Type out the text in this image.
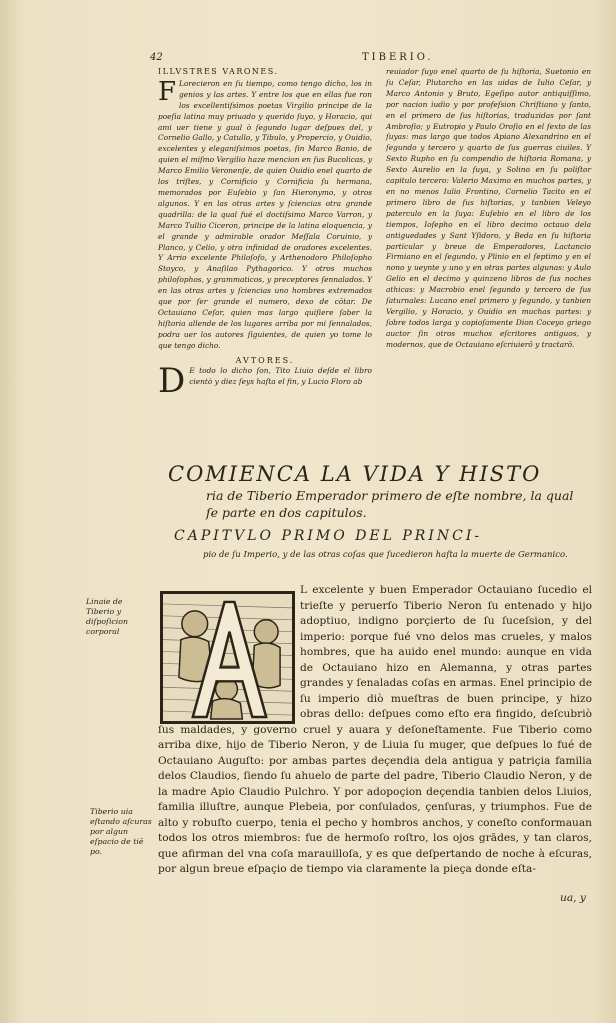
42	TIBERIO.
ILLVSTRES VARONES.

F Lorecieron en ſu tiempo, como tengo dicho, los in genios y las artes. Y entre los que en ellas fue ron los excellentiſsimos poetas Virgilio principe de la poeſia latina muy priuado y querido ſuyo, y Horacio, qui ami uer tiene y gual ò ſegundo lugar deſpues del, y Cornelio Gallo, y Catullo, y Tibulo, y Propercio, y Ouidio, excelentes y eleganiſsimos poetas, ſin Marco Banio, de quien el miſmo Vergilio haze mencion en ſus Bucolicas, y Marco Emilio Veronenſe, de quien Ouidio enel quarto de los triſtes, y Cornificio y Cornificia ſu hermana, memorados por Euſebio y ſan Hieronymo, y otros algunos. Y en las otras artes y ſciencias otra grande quadrilla: de la qual fué el doctiſsimo Marco Varron, y Marco Tullio Ciceron, principe de la latina eloquencia, y el grande y admirable orador Meſſala Coruinio, y Planco, y Celio, y otra infinidad de oradores excelentes. Y Arrio excelente Philoſofo, y Arthenodoro Philoſopho Stoyco, y Anaſilao Pythagorico. Y otros muchos philoſophos, y grammaticos, y preceptores ſennalados. Y en las otras artes y ſciencias uno hombres extremados que por ſer grande el numero, dexo de cōtar. De Octauiano Ceſar, quien mas largo quiſiere ſaber la hiſtoria allende de los lugares arriba por mi ſennalados, podra uer los autores ſiguientes, de quien yo tome lo que tengo dicho.

AVTORES.

D E todo lo dicho ſon, Tito Liuio deſde el libro cientò y diez ſeys haſta el fin, y Lucio Floro ab

reuiador ſuyo enel quarto de ſu hiſtoria, Suetonio en ſu Ceſar, Plutarcho en las uidas de Iulio Ceſar, y Marco Antonio y Bruto, Egeſipo autor antiquiſſimo, por nacion iudio y por profeſsion Chriſtiano y ſanto, en el primero de ſus hiſtorias, traduzidas por ſant Ambroſio; y Eutropio y Paulo Oroſio en el ſexto de las ſuyas: mas largo que todos Apiano Alexandrino en el ſegundo y tercero y quarto de ſus guerras ciuiles. Y Sexto Rupho en ſu compendio de hiſtoria Romana, y Sexto Aurelio en la ſuya, y Solino en ſu poliſtor capitulo tercero: Valerio Maximo en muchos partes, y en no menos Iulio Frontino, Cornelio Tacito en el primero libro de ſus hiſtorias, y tanbien Veleyo paterculo en la ſuya: Euſebio en el libro de los tiempos, Ioſepho en el libro decimo octauo dela antiguedades y Sant Yſidoro, y Beda en ſu hiſtoria particular y breue de Emperadores, Lactancio Firmiano en el ſegundo, y Plinio en el ſeptimo y en el nono y ueynte y uno y en otras partes algunas: y Aulo Gelio en el decimo y quinzeno libros de ſus noches athicas: y Macrobio enel ſegundo y tercero de ſus ſaturnales: Lucano enel primero y ſegundo, y tanbien Vergilio, y Horacio, y Ouidio en muchas partes: y ſobre todos larga y copioſamente Dion Coceyo griego auctor ſin otros muchos eſcritores antiguos, y modernos, que de Octauiano eſcriuierō y tractarō.

COMIENCA LA VIDA Y HISTO
ria de Tiberio Emperador primero de eſte nombre, la qual ſe parte en dos capitulos.
CAPITVLO PRIMO DEL PRINCI-
pio de ſu Imperio, y de las otras coſas que ſucedieron haſta la muerte de Germanico.
Linaie de Tiberio y diſpoſicion corporal
Tiberio uia eſtando aſcuras por algun eſpacio de tiē po.

L excelente y buen Emperador Octauiano ſucedio el trieſte y peruerſo Tiberio Neron ſu entenado y hijo adoptiuo, indigno porçierto de ſu ſuceſsion, y del imperio: porque fué vno delos mas crueles, y malos hombres, que ha auido enel mundo: aunque en vida de Octauiano hizo en Alemanna, y otras partes grandes y ſenaladas coſas en armas. Enel principio de ſu imperio diò mueſtras de buen principe, y hizo obras dello: deſpues como eſto era fingido, deſcubriò ſus maldades, y governo cruel y auara y deſoneſtamente. Fue Tiberio como arriba dixe, hijo de Tiberio Neron, y de Liuia ſu muger, que deſpues lo fué de Octauiano Auguſto: por ambas partes deçendia dela antigua y patriçia familia delos Claudios, ſiendo ſu ahuelo de parte del padre, Tiberio Claudio Neron, y de la madre Apio Claudio Pulchro. Y por adopoçion deçendia tanbien delos Liuios, familia illuſtre, aunque Plebeia, por conſulados, çenſuras, y triumphos. Fue de alto y robuſto cuerpo, tenia el pecho y hombros anchos, y coneſto conformauan todos los otros miembros: fue de hermoſo roſtro, los ojos grādes, y tan claros, que afirman del vna coſa marauilloſa, y es que deſpertando de noche à eſcuras, por algun breue eſpaçio de tiempo via claramente la pieça donde eſta-

ua, y
